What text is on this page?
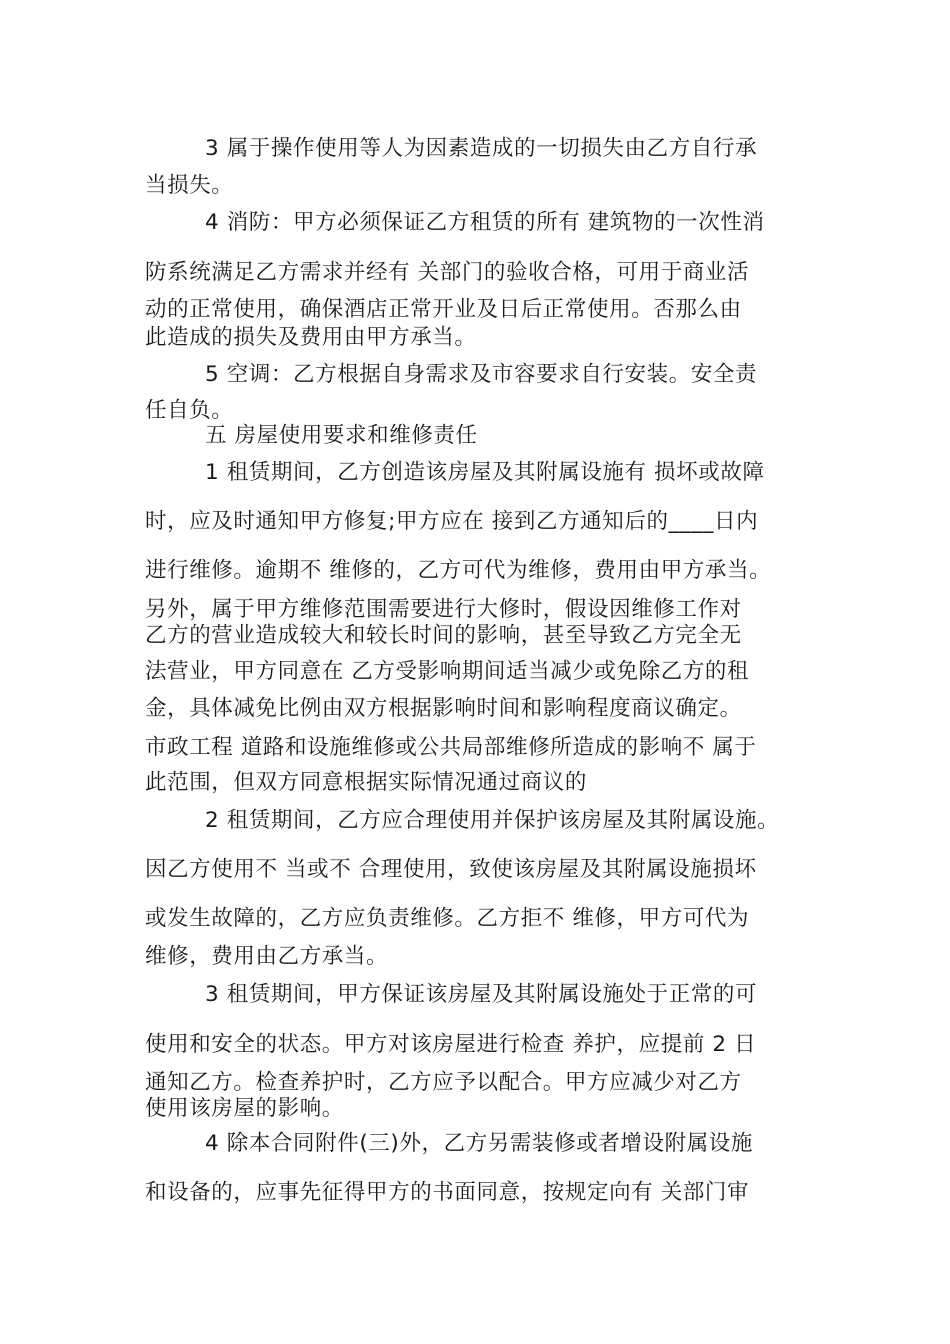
3 属于操作使用等人为因素造成的一切损失由乙方自行承
当损失。
4 消防：甲方必须保证乙方租赁的所有 建筑物的一次性消
防系统满足乙方需求并经有 关部门的验收合格，可用于商业活
动的正常使用，确保酒店正常开业及日后正常使用。否那么由
此造成的损失及费用由甲方承当。
5 空调：乙方根据自身需求及市容要求自行安装。安全责
任自负。
五 房屋使用要求和维修责任
1 租赁期间，乙方创造该房屋及其附属设施有 损坏或故障
时，应及时通知甲方修复;甲方应在 接到乙方通知后的____日内
进行维修。逾期不 维修的，乙方可代为维修，费用由甲方承当。
另外，属于甲方维修范围需要进行大修时，假设因维修工作对
乙方的营业造成较大和较长时间的影响，甚至导致乙方完全无
法营业，甲方同意在 乙方受影响期间适当减少或免除乙方的租
金，具体减免比例由双方根据影响时间和影响程度商议确定。
市政工程 道路和设施维修或公共局部维修所造成的影响不 属于
此范围，但双方同意根据实际情况通过商议的
2 租赁期间，乙方应合理使用并保护该房屋及其附属设施。
因乙方使用不 当或不 合理使用，致使该房屋及其附属设施损坏
或发生故障的，乙方应负责维修。乙方拒不 维修，甲方可代为
维修，费用由乙方承当。
3 租赁期间，甲方保证该房屋及其附属设施处于正常的可
使用和安全的状态。甲方对该房屋进行检查 养护，应提前 2 日
通知乙方。检查养护时，乙方应予以配合。甲方应减少对乙方
使用该房屋的影响。
4 除本合同附件(三)外，乙方另需装修或者增设附属设施
和设备的，应事先征得甲方的书面同意，按规定向有 关部门审
